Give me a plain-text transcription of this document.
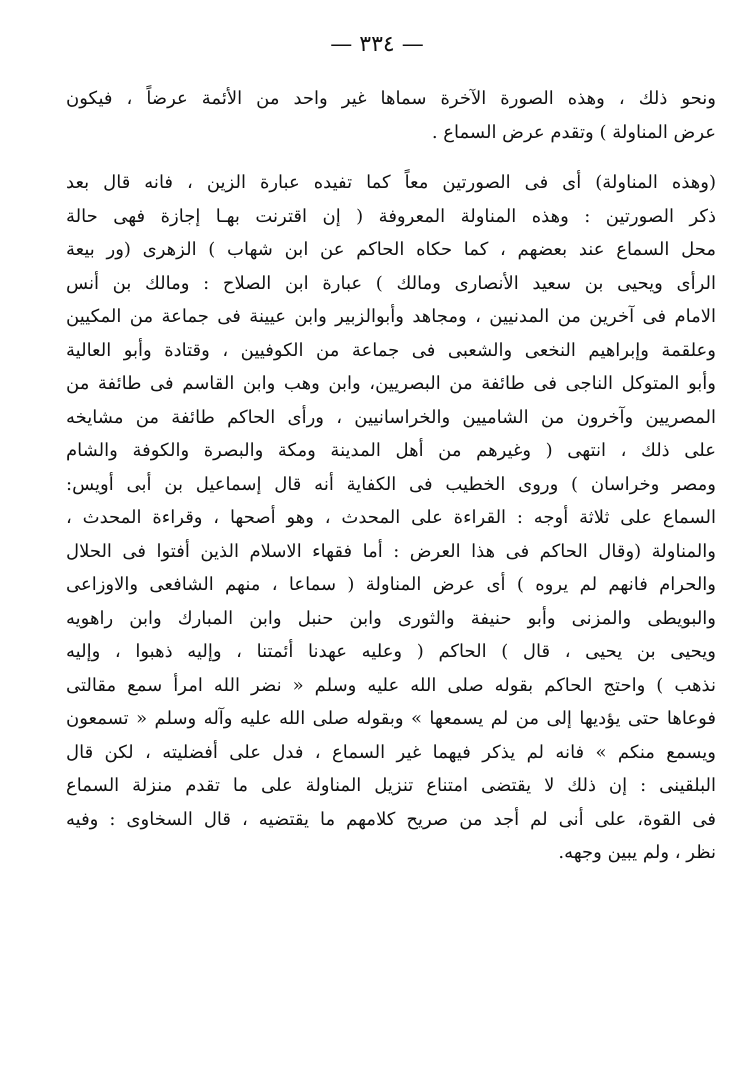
— ٣٣٤ —
ونحو ذلك ، وهذه الصورة الآخرة سماها غير واحد من الأئمة عرضاً ، فيكون
عرض المناولة ) وتقدم عرض السماع .
(وهذه المناولة) أى فى الصورتين معاً كما تفيده عبارة الزين ، فانه قال بعد
ذكر الصورتين : وهذه المناولة المعروفة ( إن اقترنت بهـا إجازة فهى حالة
محل السماع عند بعضهم ، كما حكاه الحاكم عن ابن شهاب ) الزهرى (ور بيعة
الرأى ويحيى بن سعيد الأنصارى ومالك ) عبارة ابن الصلاح : ومالك بن أنس
الامام فى آخرين من المدنيين ، ومجاهد وأبوالزبير وابن عيينة فى جماعة من المكيين
وعلقمة وإبراهيم النخعى والشعبى فى جماعة من الكوفيين ، وقتادة وأبو العالية
وأبو المتوكل الناجى فى طائفة من البصريين، وابن وهب وابن القاسم فى طائفة من
المصريين وآخرون من الشاميين والخراسانيين ، ورأى الحاكم طائفة من مشايخه
على ذلك ، انتهى ( وغيرهم من أهل المدينة ومكة والبصرة والكوفة والشام
ومصر وخراسان ) وروى الخطيب فى الكفاية أنه قال إسماعيل بن أبى أويس:
السماع على ثلاثة أوجه : القراءة على المحدث ، وهو أصحها ، وقراءة المحدث ،
والمناولة (وقال الحاكم فى هذا العرض : أما فقهاء الاسلام الذين أفتوا فى الحلال
والحرام فانهم لم يروه ) أى عرض المناولة ( سماعا ، منهم الشافعى والاوزاعى
والبويطى والمزنى وأبو حنيفة والثورى وابن حنبل وابن المبارك وابن راهويه
ويحيى بن يحيى ، قال ) الحاكم ( وعليه عهدنا أئمتنا ، وإليه ذهبوا ، وإليه
نذهب ) واحتج الحاكم بقوله صلى الله عليه وسلم « نضر الله امرأ سمع مقالتى
فوعاها حتى يؤديها إلى من لم يسمعها » وبقوله صلى الله عليه وآله وسلم « تسمعون
ويسمع منكم » فانه لم يذكر فيهما غير السماع ، فدل على أفضليته ، لكن قال
البلقينى : إن ذلك لا يقتضى امتناع تنزيل المناولة على ما تقدم منزلة السماع
فى القوة، على أنى لم أجد من صريح كلامهم ما يقتضيه ، قال السخاوى : وفيه
نظر ، ولم يبين وجهه.
